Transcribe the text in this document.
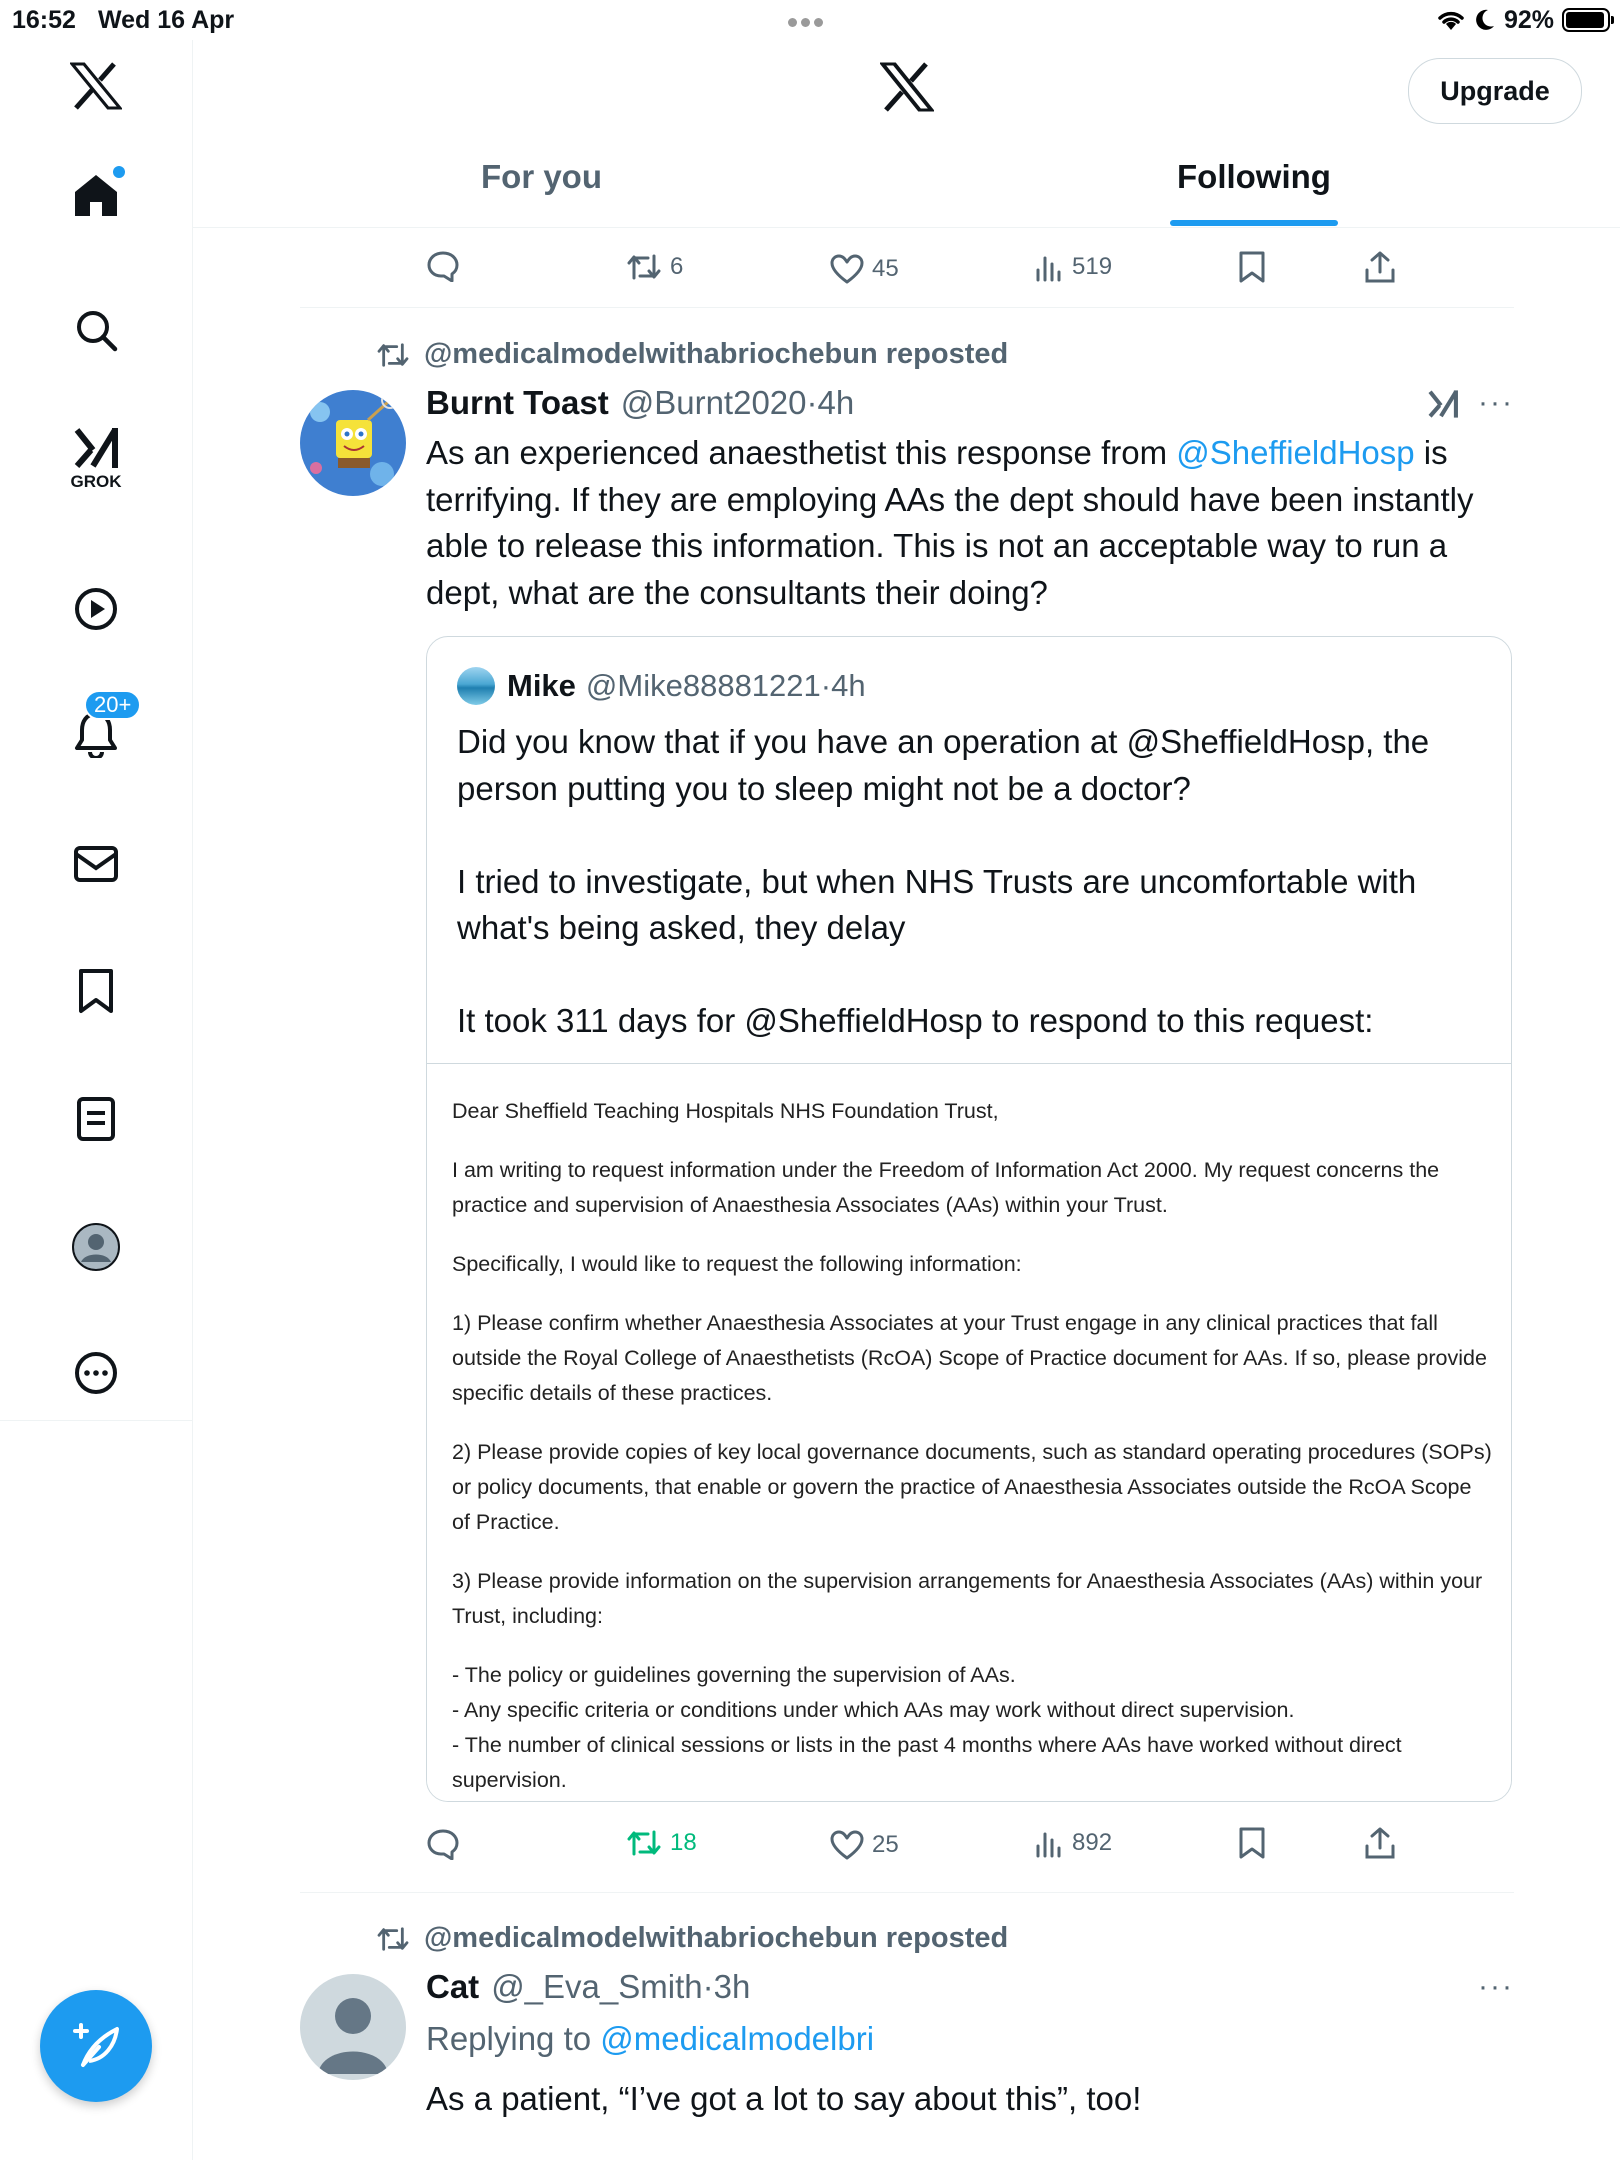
16:52 Wed 16 Apr	92%
GROK
20+
Upgrade
For you	Following
6	45	519
@medicalmodelwithabriochebun reposted
Burnt Toast @Burnt2020 · 4h	···
As an experienced anaesthetist this response from @SheffieldHosp is terrifying. If they are employing AAs the dept should have been instantly able to release this information. This is not an acceptable way to run a dept, what are the consultants their doing?
Mike @Mike88881221 · 4h

Did you know that if you have an operation at @SheffieldHosp, the person putting you to sleep might not be a doctor?

I tried to investigate, but when NHS Trusts are uncomfortable with what's being asked, they delay

It took 311 days for @SheffieldHosp to respond to this request:

Dear Sheffield Teaching Hospitals NHS Foundation Trust,

I am writing to request information under the Freedom of Information Act 2000. My request concerns the practice and supervision of Anaesthesia Associates (AAs) within your Trust.

Specifically, I would like to request the following information:

1) Please confirm whether Anaesthesia Associates at your Trust engage in any clinical practices that fall outside the Royal College of Anaesthetists (RcOA) Scope of Practice document for AAs. If so, please provide specific details of these practices.

2) Please provide copies of key local governance documents, such as standard operating procedures (SOPs) or policy documents, that enable or govern the practice of Anaesthesia Associates outside the RcOA Scope of Practice.

3) Please provide information on the supervision arrangements for Anaesthesia Associates (AAs) within your Trust, including:

- The policy or guidelines governing the supervision of AAs.
- Any specific criteria or conditions under which AAs may work without direct supervision.
- The number of clinical sessions or lists in the past 4 months where AAs have worked without direct supervision.
18	25	892
@medicalmodelwithabriochebun reposted
Cat @_Eva_Smith · 3h	···
Replying to @medicalmodelbri
As a patient, “I’ve got a lot to say about this”, too!
